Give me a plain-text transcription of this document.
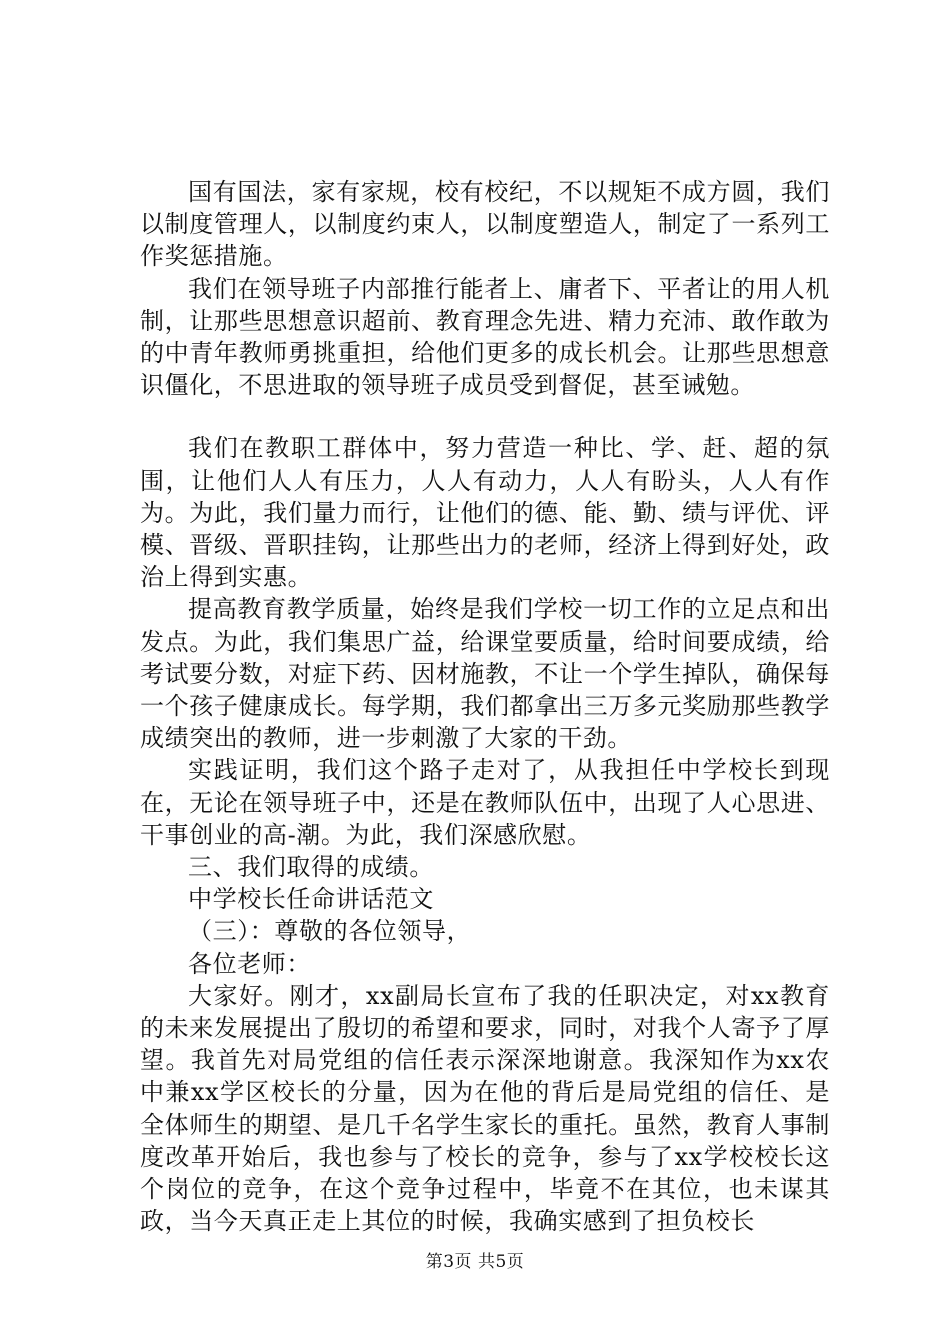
国有国法，家有家规，校有校纪，不以规矩不成方圆，我们以制度管理人，以制度约束人，以制度塑造人，制定了一系列工作奖惩措施。

我们在领导班子内部推行能者上、庸者下、平者让的用人机制，让那些思想意识超前、教育理念先进、精力充沛、敢作敢为的中青年教师勇挑重担，给他们更多的成长机会。让那些思想意识僵化，不思进取的领导班子成员受到督促，甚至诫勉。

我们在教职工群体中，努力营造一种比、学、赶、超的氛围，让他们人人有压力，人人有动力，人人有盼头，人人有作为。为此，我们量力而行，让他们的德、能、勤、绩与评优、评模、晋级、晋职挂钩，让那些出力的老师，经济上得到好处，政治上得到实惠。

提高教育教学质量，始终是我们学校一切工作的立足点和出发点。为此，我们集思广益，给课堂要质量，给时间要成绩，给考试要分数，对症下药、因材施教，不让一个学生掉队，确保每一个孩子健康成长。每学期，我们都拿出三万多元奖励那些教学成绩突出的教师，进一步刺激了大家的干劲。

实践证明，我们这个路子走对了，从我担任中学校长到现在，无论在领导班子中，还是在教师队伍中，出现了人心思进、干事创业的高-潮。为此，我们深感欣慰。

三、我们取得的成绩。

中学校长任命讲话范文

（三）：尊敬的各位领导，

各位老师：

大家好。刚才，xx副局长宣布了我的任职决定，对xx教育的未来发展提出了殷切的希望和要求，同时，对我个人寄予了厚望。我首先对局党组的信任表示深深地谢意。我深知作为xx农中兼xx学区校长的分量，因为在他的背后是局党组的信任、是全体师生的期望、是几千名学生家长的重托。虽然，教育人事制度改革开始后，我也参与了校长的竞争，参与了xx学校校长这个岗位的竞争，在这个竞争过程中，毕竟不在其位，也未谋其政，当今天真正走上其位的时候，我确实感到了担负校长

第3页 共5页
